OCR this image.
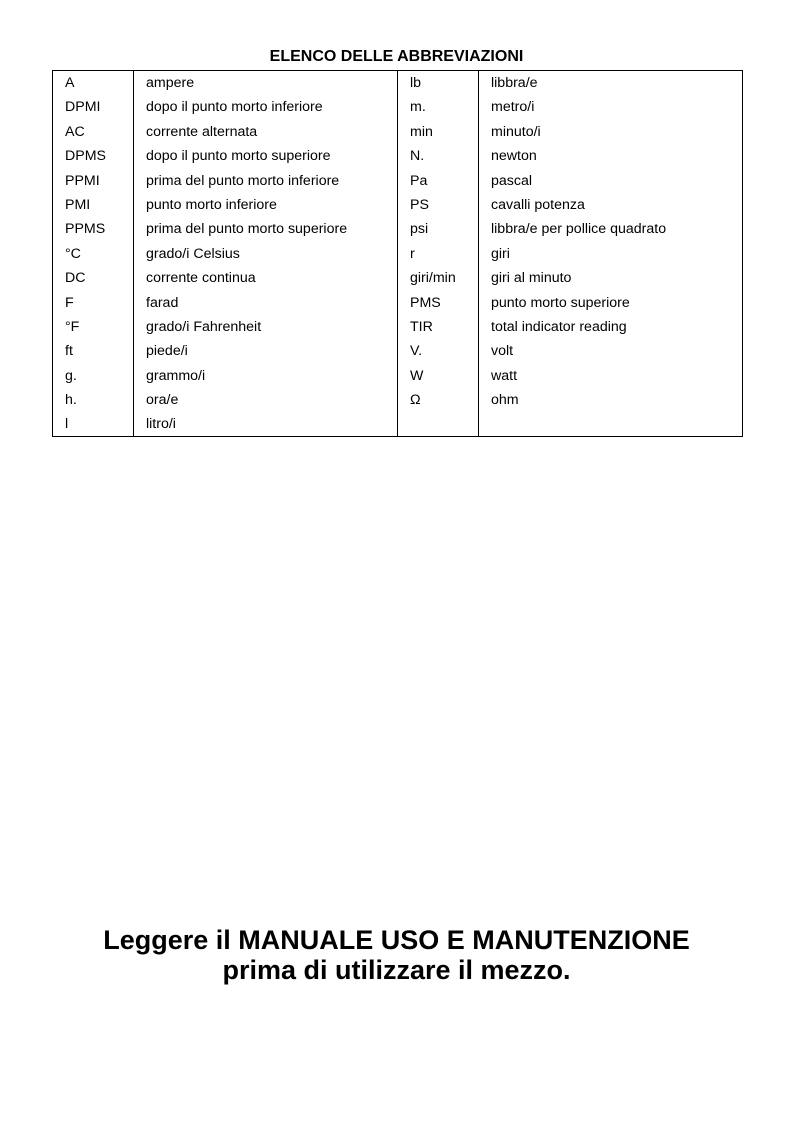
ELENCO DELLE ABBREVIAZIONI
A
DPMI
AC
DPMS
PPMI
PMI
PPMS
°C
DC
F
°F
ft
g.
h.
l
ampere
dopo il punto morto inferiore
corrente alternata
dopo il punto morto superiore
prima del punto morto inferiore
punto morto inferiore
prima del punto morto superiore
grado/i Celsius
corrente continua
farad
grado/i Fahrenheit
piede/i
grammo/i
ora/e
litro/i
lb
m.
min
N.
Pa
PS
psi
r
giri/min
PMS
TIR
V.
W
Ω
libbra/e
metro/i
minuto/i
newton
pascal
cavalli potenza
libbra/e per pollice quadrato
giri
giri al minuto
punto morto superiore
total indicator reading
volt
watt
ohm
Leggere il MANUALE USO E MANUTENZIONE
prima di utilizzare il mezzo.
